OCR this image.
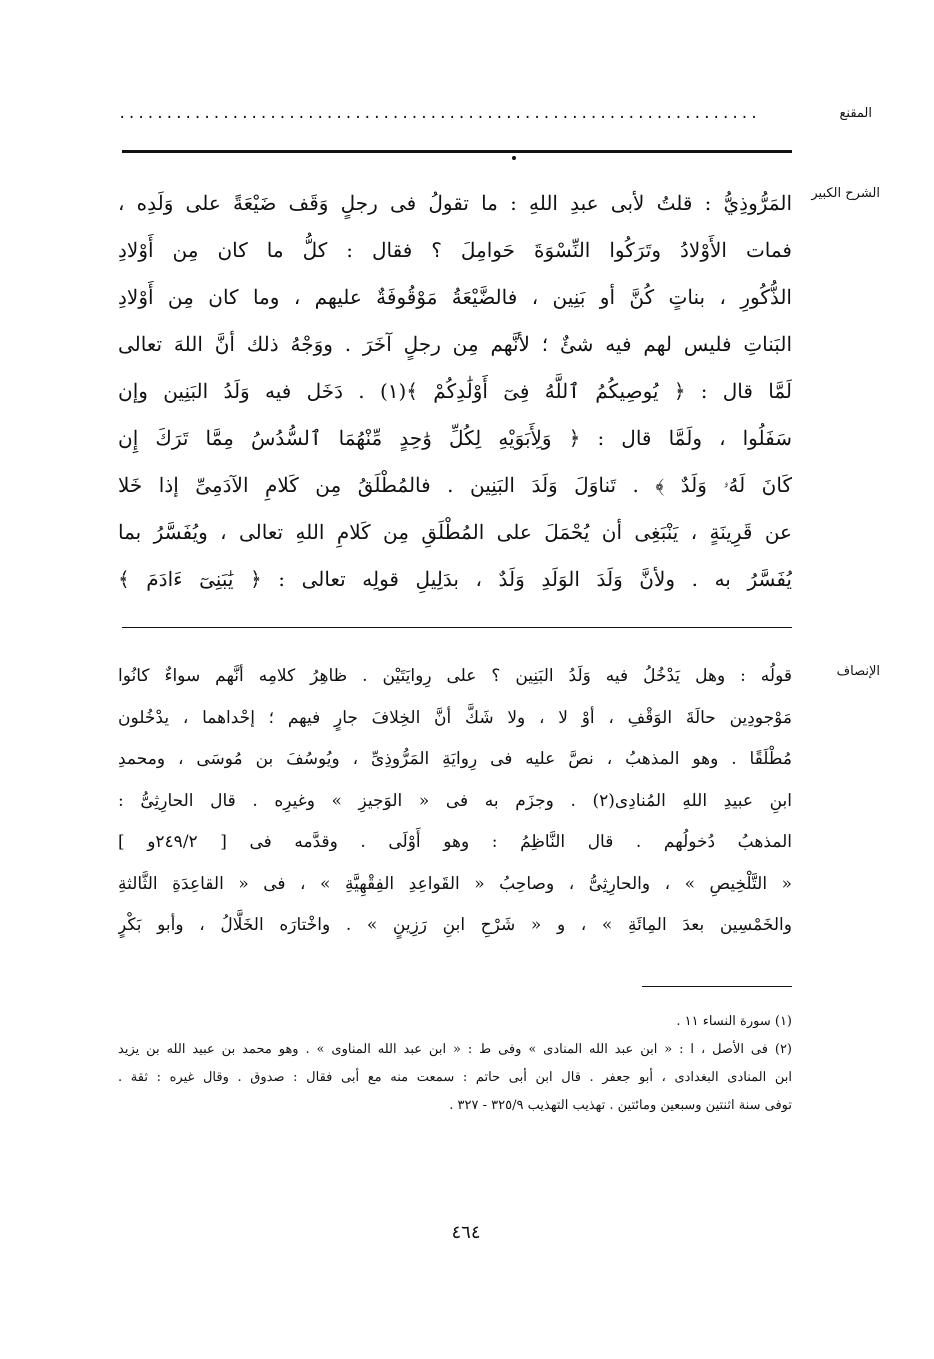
المقنع
....................................................................
الشرح الكبير
المَرُّوذِيُّ : قلتُ لأبى عبدِ اللهِ : ما تقولُ فى رجلٍ وَقَف ضَيْعَةً على وَلَدِه ،
فمات الأَوْلادُ وتَرَكُوا النِّسْوَةَ حَوامِلَ ؟ فقال : كلُّ ما كان مِن أَوْلادِ
الذُّكُورِ ، بناتٍ كُنَّ أو بَنِين ، فالضَّيْعَةُ مَوْقُوفَةٌ عليهم ، وما كان مِن أَوْلادِ
البَناتِ فليس لهم فيه شئٌ ؛ لأنَّهم مِن رجلٍ آخَرَ . ووَجْهُ ذلك أنَّ اللهَ تعالى
لَمَّا قال : ﴿ يُوصِيكُمُ ٱللَّهُ فِىٓ أَوْلَٰدِكُمْ ﴾(١) . دَخَل فيه وَلَدُ البَنِين وإن
سَفَلُوا ، ولَمَّا قال : ﴿ وَلِأَبَوَيْهِ لِكُلِّ وَٰحِدٍ مِّنْهُمَا ٱلسُّدُسُ مِمَّا تَرَكَ إِن
كَانَ لَهُۥ وَلَدٌ ﴾ . تَناوَلَ وَلَدَ البَنِين . فالمُطْلَقُ مِن كَلامِ الآدَمِىِّ إذا خَلا
عن قَرِينَةٍ ، يَنْبَغِى أن يُحْمَلَ على المُطْلَقِ مِن كَلامِ اللهِ تعالى ، ويُفَسَّرُ بما
يُفَسَّرُ به . ولأنَّ وَلَدَ الوَلَدِ وَلَدٌ ، بدَلِيلِ قولِه تعالى : ﴿ يَٰبَنِىٓ ءَادَمَ ﴾
الإنصاف
قولُه : وهل يَدْخُلُ فيه وَلَدُ البَنِين ؟ على رِوايَتَيْن . ظاهِرُ كلامِه أنَّهم سواءٌ كانُوا
مَوْجودِين حالَةَ الوَقْفِ ، أوْ لا ، ولا شَكَّ أنَّ الخِلافَ جارٍ فيهم ؛ إحْداهما ، يدْخُلون
مُطْلَقًا . وهو المذهبُ ، نصَّ عليه فى رِوايَةِ المَرُّوذِىِّ ، ويُوسُفَ بن مُوسَى ، ومحمدِ
ابنِ عبيدِ اللهِ المُنادِى(٢) . وجزَم به فى « الوَجيزِ » وغيرِه . قال الحارِثِىُّ :
المذهبُ دُخولُهم . قال النَّاظِمُ : وهو أَوْلَى . وقدَّمه فى [ ٢٤٩/٢و ]
« التَّلْخِيصِ » ، والحارِثِىُّ ، وصاحِبُ « القَواعِدِ الفِقْهِيَّةِ » ، فى « القاعِدَةِ الثَّالثةِ
والخَمْسِين بعدَ المِائَةِ » ، و « شَرْحِ ابنِ رَزِينٍ » . واخْتارَه الخَلَّالُ ، وأبو بَكْرٍ
(١) سورة النساء ١١ .
(٢) فى الأصل ، ا : « ابن عبد الله المنادى » وفى ط : « ابن عبد الله المناوى » . وهو محمد بن عبيد الله بن يزيد
ابن المنادى البغدادى ، أبو جعفر . قال ابن أبى حاتم : سمعت منه مع أبى فقال : صدوق . وقال غيره : ثقة .
توفى سنة اثنتين وسبعين ومائتين . تهذيب التهذيب ٣٢٥/٩ - ٣٢٧ .
٤٦٤
